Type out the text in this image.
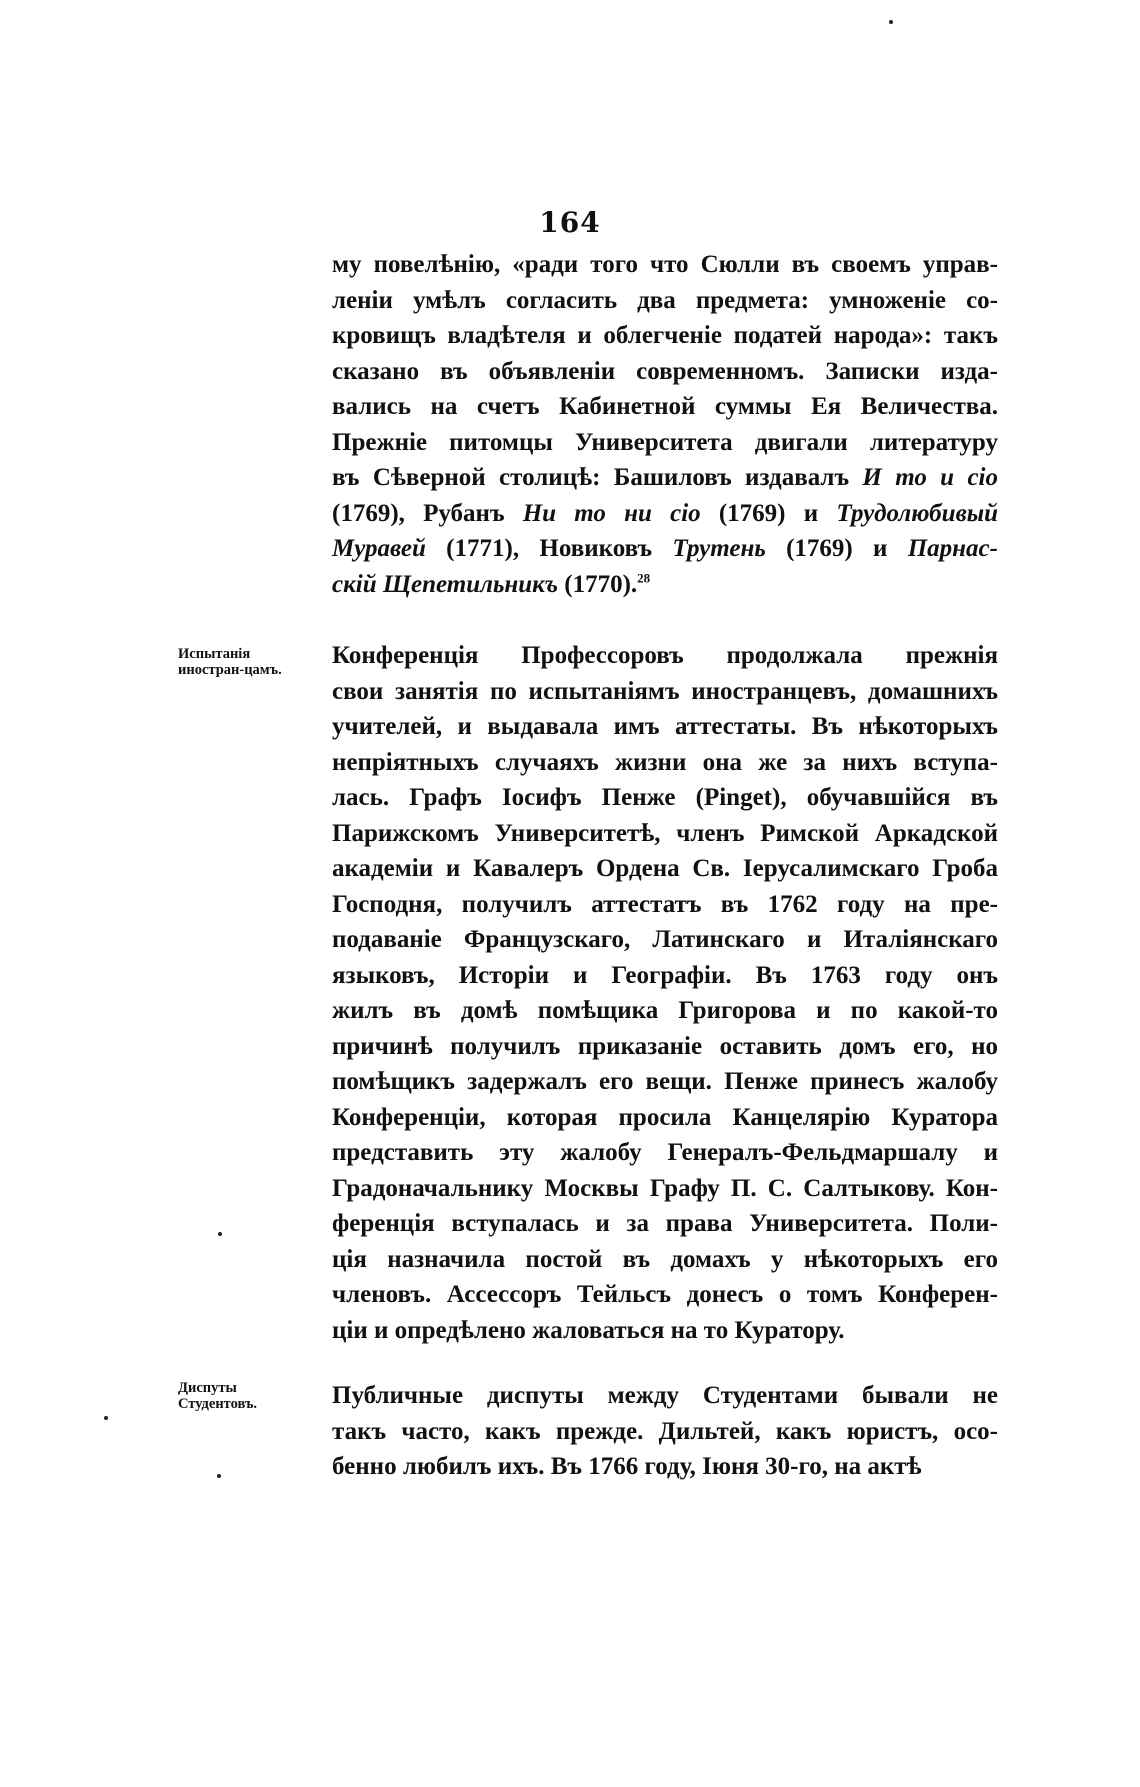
164
му повелѣнію, «ради того что Сюлли въ своемъ управ-
леніи умѣлъ согласить два предмета: умноженіе со-
кровищъ владѣтеля и облегченіе податей народа»: такъ
сказано въ объявленіи современномъ. Записки изда-
вались на счетъ Кабинетной суммы Ея Величества.
Прежніе питомцы Университета двигали литературу
въ Сѣверной столицѣ: Башиловъ издавалъ И то и сіо
(1769), Рубанъ Ни то ни сіо (1769) и Трудолюбивый
Муравей (1771), Новиковъ Трутень (1769) и Парнас-
скій Щепетильникъ (1770).$^{28}$
Испытанія иностран-цамъ.
Конференція Профессоровъ продолжала прежнія
свои занятія по испытаніямъ иностранцевъ, домашнихъ
учителей, и выдавала имъ аттестаты. Въ нѣкоторыхъ
непріятныхъ случаяхъ жизни она же за нихъ вступа-
лась. Графъ Іосифъ Пенже (Pinget), обучавшійся въ
Парижскомъ Университетѣ, членъ Римской Аркадской
академіи и Кавалеръ Ордена Св. Іерусалимскаго Гроба
Господня, получилъ аттестатъ въ 1762 году на пре-
подаваніе Французскаго, Латинскаго и Италіянскаго
языковъ, Исторіи и Географіи. Въ 1763 году онъ
жилъ въ домѣ помѣщика Григорова и по какой-то
причинѣ получилъ приказаніе оставить домъ его, но
помѣщикъ задержалъ его вещи. Пенже принесъ жалобу
Конференціи, которая просила Канцелярію Куратора
представить эту жалобу Генералъ-Фельдмаршалу и
Градоначальнику Москвы Графу П. С. Салтыкову. Кон-
ференція вступалась и за права Университета. Поли-
ція назначила постой въ домахъ у нѣкоторыхъ его
членовъ. Ассессоръ Тейльсъ донесъ о томъ Конферен-
ціи и опредѣлено жаловаться на то Куратору.
Диспуты Студентовъ.	Публичные диспуты между Студентами бывали не
такъ часто, какъ прежде. Дильтей, какъ юристъ, осо-
бенно любилъ ихъ. Въ 1766 году, Іюня 30-го, на актѣ
